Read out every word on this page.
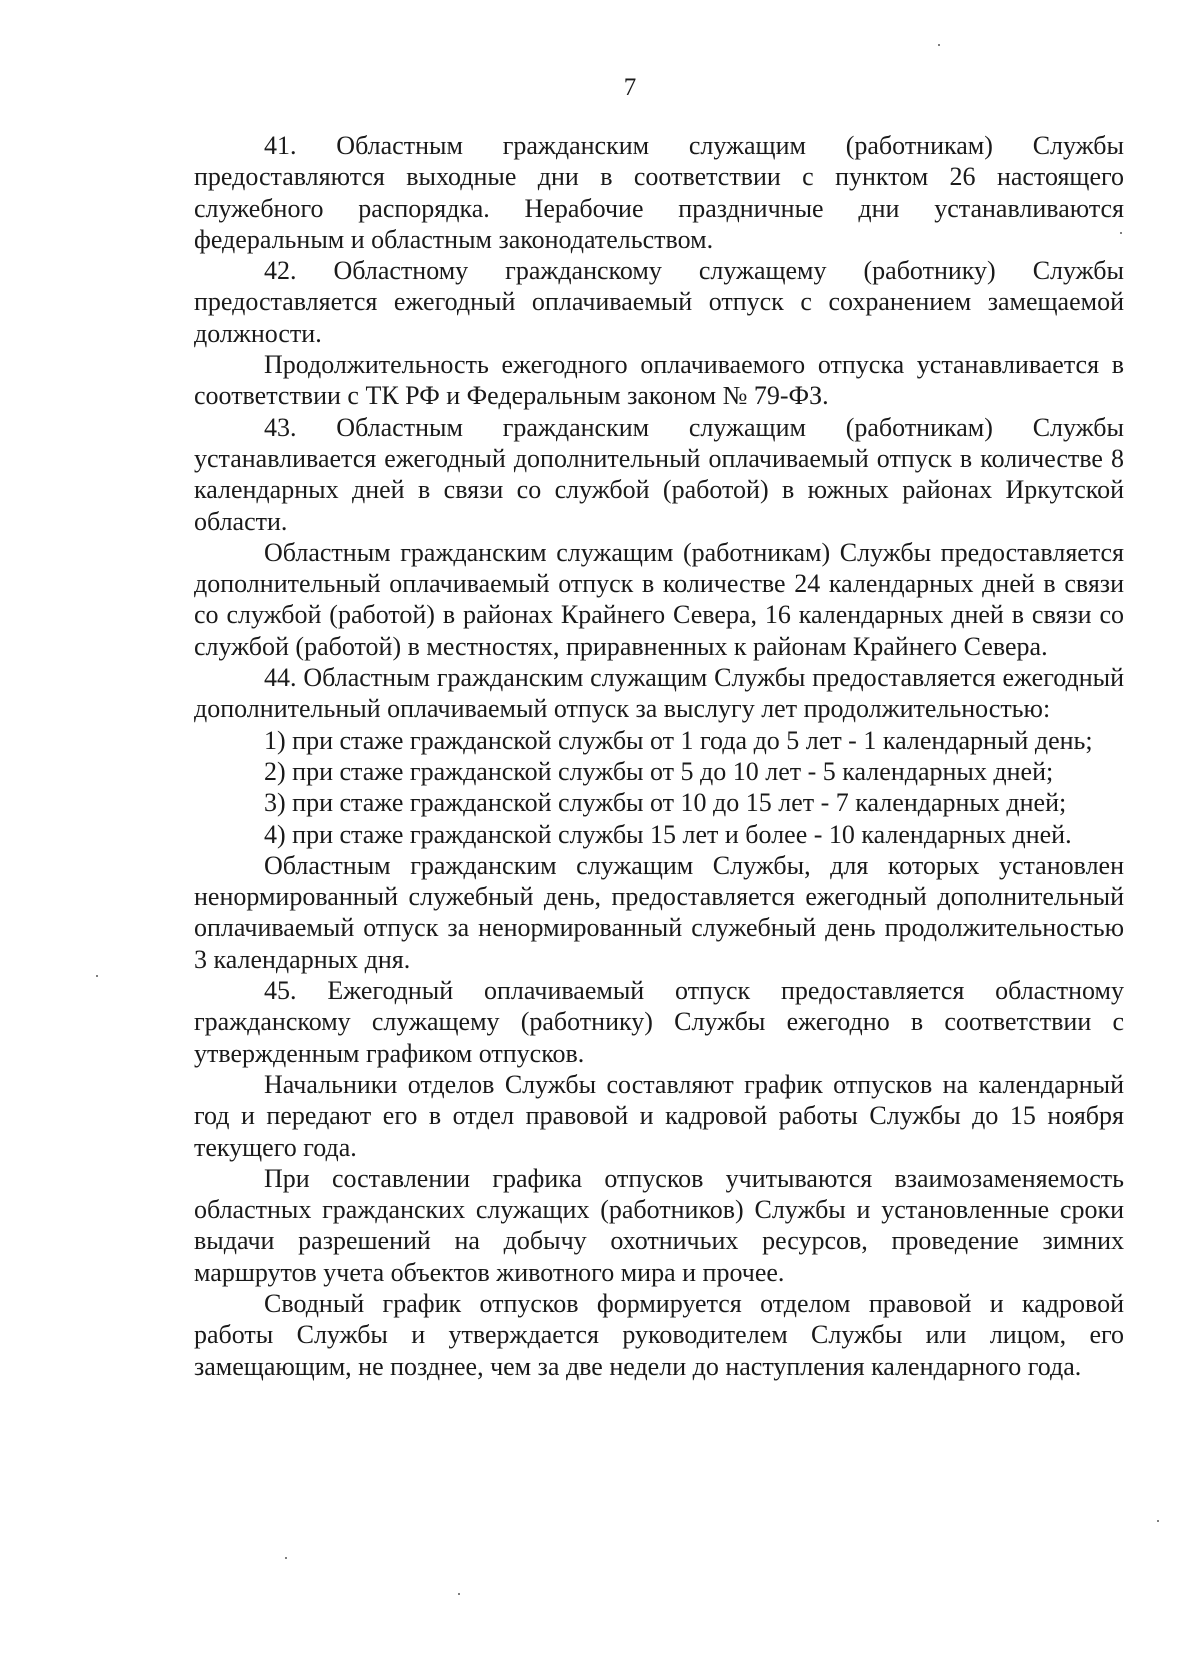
7

41. Областным гражданским служащим (работникам) Службы предоставляются выходные дни в соответствии с пунктом 26 настоящего служебного распорядка. Нерабочие праздничные дни устанавливаются федеральным и областным законодательством.

42. Областному гражданскому служащему (работнику) Службы предоставляется ежегодный оплачиваемый отпуск с сохранением замещаемой должности.

Продолжительность ежегодного оплачиваемого отпуска устанавливается в соответствии с ТК РФ и Федеральным законом № 79-ФЗ.

43. Областным гражданским служащим (работникам) Службы устанавливается ежегодный дополнительный оплачиваемый отпуск в количестве 8 календарных дней в связи со службой (работой) в южных районах Иркутской области.

Областным гражданским служащим (работникам) Службы предоставляется дополнительный оплачиваемый отпуск в количестве 24 календарных дней в связи со службой (работой) в районах Крайнего Севера, 16 календарных дней в связи со службой (работой) в местностях, приравненных к районам Крайнего Севера.

44. Областным гражданским служащим Службы предоставляется ежегодный дополнительный оплачиваемый отпуск за выслугу лет продолжительностью:

1) при стаже гражданской службы от 1 года до 5 лет - 1 календарный день;

2) при стаже гражданской службы от 5 до 10 лет - 5 календарных дней;

3) при стаже гражданской службы от 10 до 15 лет - 7 календарных дней;

4) при стаже гражданской службы 15 лет и более - 10 календарных дней.

Областным гражданским служащим Службы, для которых установлен ненормированный служебный день, предоставляется ежегодный дополнительный оплачиваемый отпуск за ненормированный служебный день продолжительностью 3 календарных дня.

45. Ежегодный оплачиваемый отпуск предоставляется областному гражданскому служащему (работнику) Службы ежегодно в соответствии с утвержденным графиком отпусков.

Начальники отделов Службы составляют график отпусков на календарный год и передают его в отдел правовой и кадровой работы Службы до 15 ноября текущего года.

При составлении графика отпусков учитываются взаимозаменяемость областных гражданских служащих (работников) Службы и установленные сроки выдачи разрешений на добычу охотничьих ресурсов, проведение зимних маршрутов учета объектов животного мира и прочее.

Сводный график отпусков формируется отделом правовой и кадровой работы Службы и утверждается руководителем Службы или лицом, его замещающим, не позднее, чем за две недели до наступления календарного года.
